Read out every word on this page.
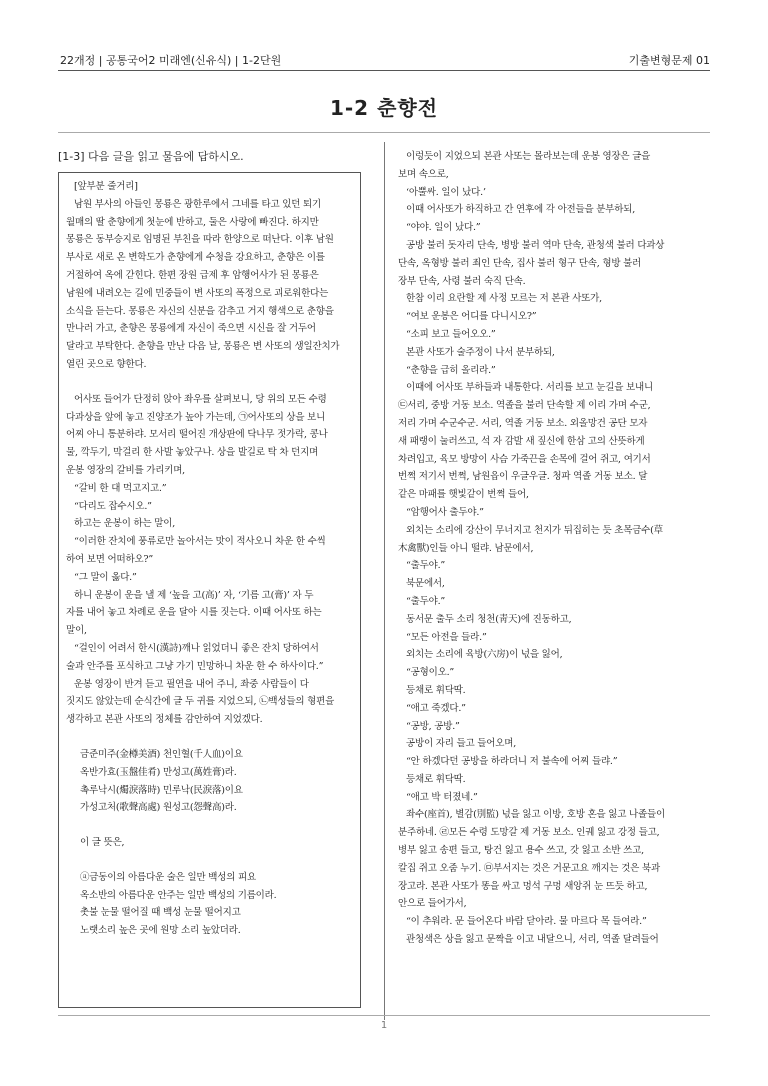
22개정 | 공통국어2 미래엔(신유식) | 1-2단원	기출변형문제 01
1-2 춘향전
[1-3] 다음 글을 읽고 물음에 답하시오.

[앞부분 줄거리]

남원 부사의 아들인 몽룡은 광한루에서 그네를 타고 있던 퇴기

월매의 딸 춘향에게 첫눈에 반하고, 둘은 사랑에 빠진다. 하지만

몽룡은 동부승지로 임명된 부친을 따라 한양으로 떠난다. 이후 남원

부사로 새로 온 변학도가 춘향에게 수청을 강요하고, 춘향은 이를

거절하여 옥에 갇힌다. 한편 장원 급제 후 암행어사가 된 몽룡은

남원에 내려오는 길에 민중들이 변 사또의 폭정으로 괴로워한다는

소식을 듣는다. 몽룡은 자신의 신분을 감추고 거지 행색으로 춘향을

만나러 가고, 춘향은 몽룡에게 자신이 죽으면 시신을 잘 거두어

달라고 부탁한다. 춘향을 만난 다음 날, 몽룡은 변 사또의 생일잔치가

열린 곳으로 향한다.

어사또 들어가 단정히 앉아 좌우를 살펴보니, 당 위의 모든 수령

다과상을 앞에 놓고 진양조가 높아 가는데, ㉠어사또의 상을 보니

어찌 아니 통분하랴. 모서리 떨어진 개상판에 닥나무 젓가락, 콩나

물, 깍두기, 막걸리 한 사발 놓았구나. 상을 발길로 탁 차 던지며

운봉 영장의 갈비를 가리키며,

“갈비 한 대 먹고지고.”

“다리도 잡수시오.”

하고는 운봉이 하는 말이,

“이러한 잔치에 풍류로만 놀아서는 맛이 적사오니 차운 한 수씩

하여 보면 어떠하오?”

“그 말이 옳다.”

하니 운봉이 운을 낼 제 ‘높을 고(高)’ 자, ‘기름 고(膏)’ 자 두

자를 내어 놓고 차례로 운을 달아 시를 짓는다. 이때 어사또 하는

말이,

“걸인이 어려서 한시(漢詩)깨나 읽었더니 좋은 잔치 당하여서

술과 안주를 포식하고 그냥 가기 민망하니 차운 한 수 하사이다.”

운봉 영장이 반겨 듣고 필연을 내어 주니, 좌중 사람들이 다

짓지도 않았는데 순식간에 글 두 귀를 지었으되, ㉡백성들의 형편을

생각하고 본관 사또의 정체를 감안하여 지었겠다.

금준미주(金樽美酒) 천인혈(千人血)이요

옥반가효(玉盤佳肴) 만성고(萬姓膏)라.

촉루낙시(燭淚落時) 민루낙(民淚落)이요

가성고처(歌聲高處) 원성고(怨聲高)라.

이 글 뜻은,

ⓐ금동이의 아름다운 술은 일만 백성의 피요

옥소반의 아름다운 안주는 일만 백성의 기름이라.

촛불 눈물 떨어질 때 백성 눈물 떨어지고

노랫소리 높은 곳에 원망 소리 높았더라.

이렁듯이 지었으되 본관 사또는 몰라보는데 운봉 영장은 글을

보며 속으로,

‘아뿔싸. 일이 났다.’

이때 어사또가 하직하고 간 연후에 각 아전들을 분부하되,

“야야. 일이 났다.”

공방 불러 돗자리 단속, 병방 불러 역마 단속, 관청색 불러 다과상

단속, 옥형방 불러 죄인 단속, 집사 불러 형구 단속, 형방 불러

장부 단속, 사령 불러 숙직 단속.

한참 이리 요란할 제 사정 모르는 저 본관 사또가,

“여보 운봉은 어디를 다니시오?”

“소피 보고 들어오오.”

본관 사또가 술주정이 나서 분부하되,

“춘향을 급히 올리라.”

이때에 어사또 부하들과 내통한다. 서리를 보고 눈길을 보내니

㉢서리, 중방 거동 보소. 역졸을 불러 단속할 제 이리 가며 수군,

저리 가며 수군수군. 서리, 역졸 거동 보소. 외올망건 공단 모자

새 패랭이 눌러쓰고, 석 자 감발 새 짚신에 한삼 고의 산뜻하게

차려입고, 육모 방망이 사슴 가죽끈을 손목에 걸어 쥐고, 여기서

번쩍 저기서 번쩍, 남원읍이 우글우글. 청파 역졸 거동 보소. 달

같은 마패를 햇빛같이 번쩍 들어,

“암행어사 출두야.”

외치는 소리에 강산이 무너지고 천지가 뒤집히는 듯 초목금수(草

木禽獸)인들 아니 떨랴. 남문에서,

“출두야.”

북문에서,

“출두야.”

동서문 출두 소리 청천(靑天)에 진동하고,

“모든 아전을 들라.”

외치는 소리에 육방(六房)이 넋을 잃어,

“공형이오.”

등채로 휘닥딱.

“애고 죽겠다.”

“공방, 공방.”

공방이 자리 들고 들어오며,

“안 하겠다던 공방을 하라더니 저 불속에 어찌 들랴.”

등채로 휘닥딱.

“애고 박 터졌네.”

좌수(座首), 별감(別監) 넋을 잃고 이방, 호방 혼을 잃고 나졸들이

분주하네. ㉣모든 수령 도망갈 제 거동 보소. 인궤 잃고 강정 들고,

병부 잃고 송편 들고, 탕건 잃고 용수 쓰고, 갓 잃고 소반 쓰고,

칼집 쥐고 오줌 누기. ㉤부서지는 것은 거문고요 깨지는 것은 북과

장고라. 본관 사또가 똥을 싸고 멍석 구멍 새앙쥐 눈 뜨듯 하고,

안으로 들어가서,

“이 추워라. 문 들어온다 바람 닫아라. 물 마르다 목 들여라.”

관청색은 상을 잃고 문짝을 이고 내달으니, 서리, 역졸 달려들어

1
